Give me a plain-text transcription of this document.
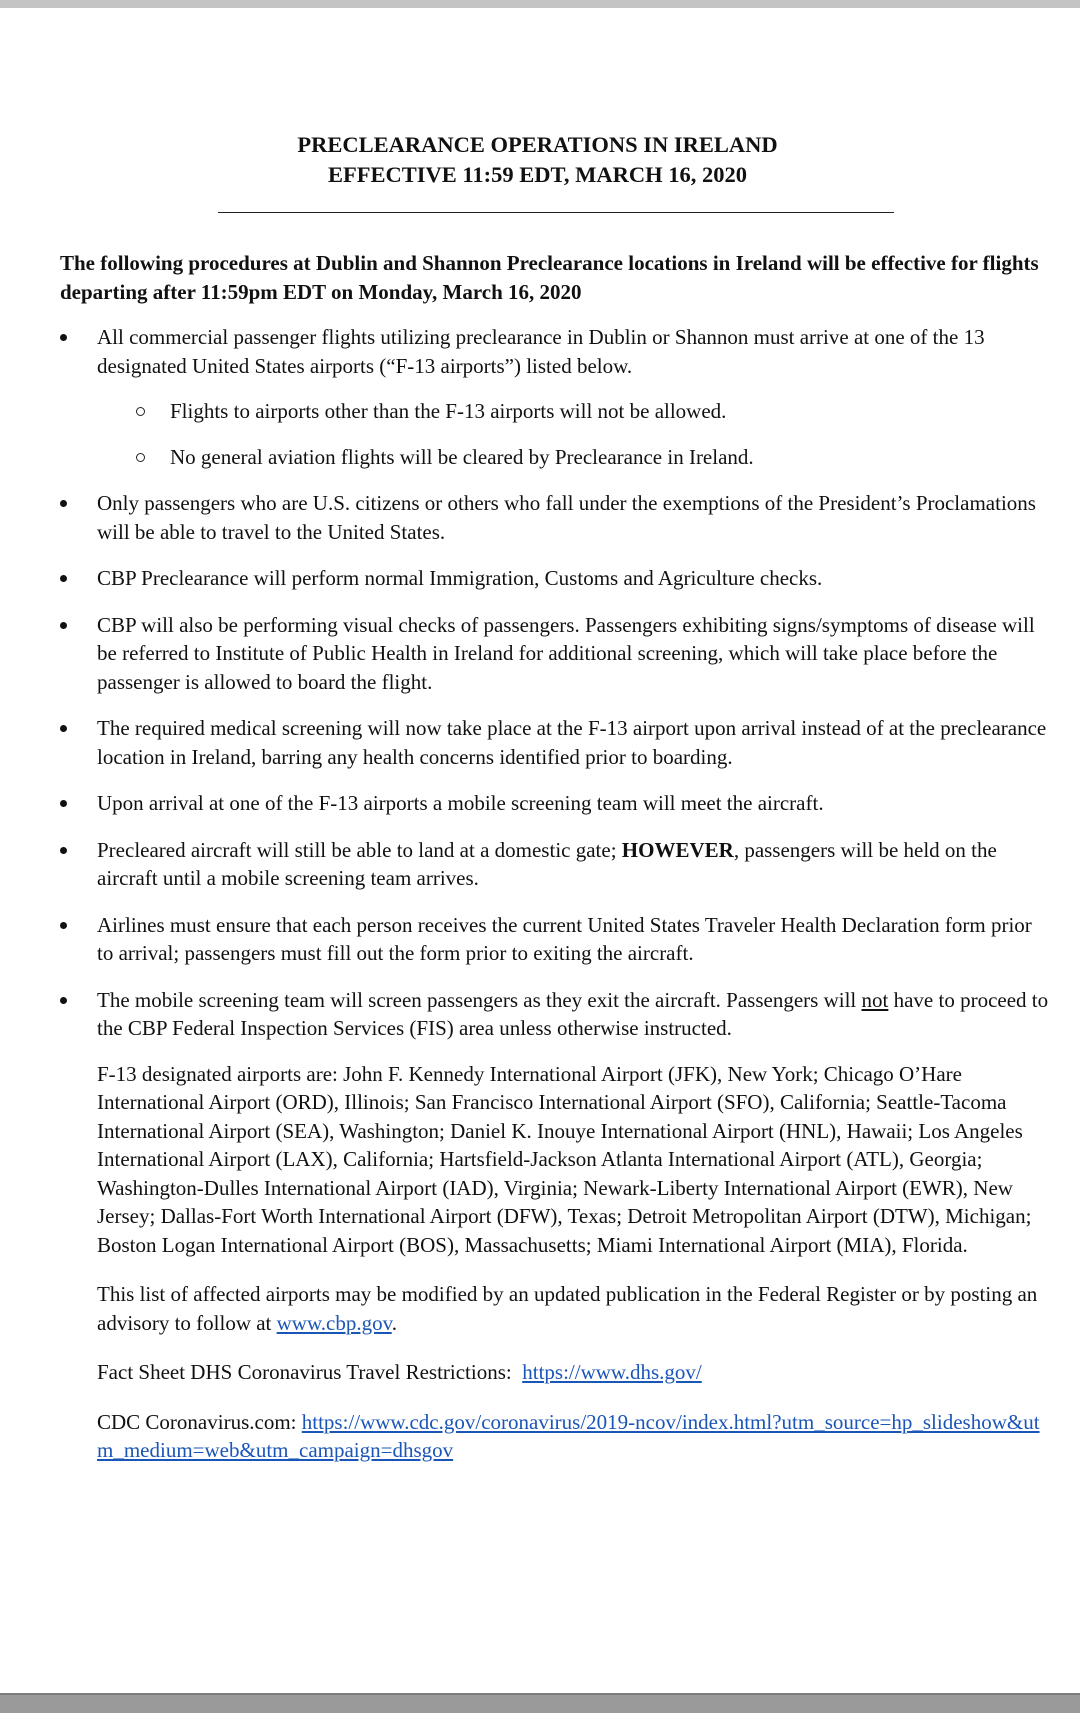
PRECLEARANCE OPERATIONS IN IRELAND
EFFECTIVE 11:59 EDT, MARCH 16, 2020

The following procedures at Dublin and Shannon Preclearance locations in Ireland will be effective for flights departing after 11:59pm EDT on Monday, March 16, 2020

All commercial passenger flights utilizing preclearance in Dublin or Shannon must arrive at one of the 13 designated United States airports (“F-13 airports”) listed below.
Flights to airports other than the F-13 airports will not be allowed.
No general aviation flights will be cleared by Preclearance in Ireland.
Only passengers who are U.S. citizens or others who fall under the exemptions of the President’s Proclamations will be able to travel to the United States.
CBP Preclearance will perform normal Immigration, Customs and Agriculture checks.
CBP will also be performing visual checks of passengers. Passengers exhibiting signs/symptoms of disease will be referred to Institute of Public Health in Ireland for additional screening, which will take place before the passenger is allowed to board the flight.
The required medical screening will now take place at the F-13 airport upon arrival instead of at the preclearance location in Ireland, barring any health concerns identified prior to boarding.
Upon arrival at one of the F-13 airports a mobile screening team will meet the aircraft.
Precleared aircraft will still be able to land at a domestic gate; HOWEVER, passengers will be held on the aircraft until a mobile screening team arrives.
Airlines must ensure that each person receives the current United States Traveler Health Declaration form prior to arrival; passengers must fill out the form prior to exiting the aircraft.
The mobile screening team will screen passengers as they exit the aircraft. Passengers will not have to proceed to the CBP Federal Inspection Services (FIS) area unless otherwise instructed.

F-13 designated airports are: John F. Kennedy International Airport (JFK), New York; Chicago O’Hare International Airport (ORD), Illinois; San Francisco International Airport (SFO), California; Seattle-Tacoma International Airport (SEA), Washington; Daniel K. Inouye International Airport (HNL), Hawaii; Los Angeles International Airport (LAX), California; Hartsfield-Jackson Atlanta International Airport (ATL), Georgia; Washington-Dulles International Airport (IAD), Virginia; Newark-Liberty International Airport (EWR), New Jersey; Dallas-Fort Worth International Airport (DFW), Texas; Detroit Metropolitan Airport (DTW), Michigan; Boston Logan International Airport (BOS), Massachusetts; Miami International Airport (MIA), Florida.

This list of affected airports may be modified by an updated publication in the Federal Register or by posting an advisory to follow at www.cbp.gov.

Fact Sheet DHS Coronavirus Travel Restrictions:  https://www.dhs.gov/

CDC Coronavirus.com: https://www.cdc.gov/coronavirus/2019-ncov/index.html?utm_source=hp_slideshow&utm_medium=web&utm_campaign=dhsgov
